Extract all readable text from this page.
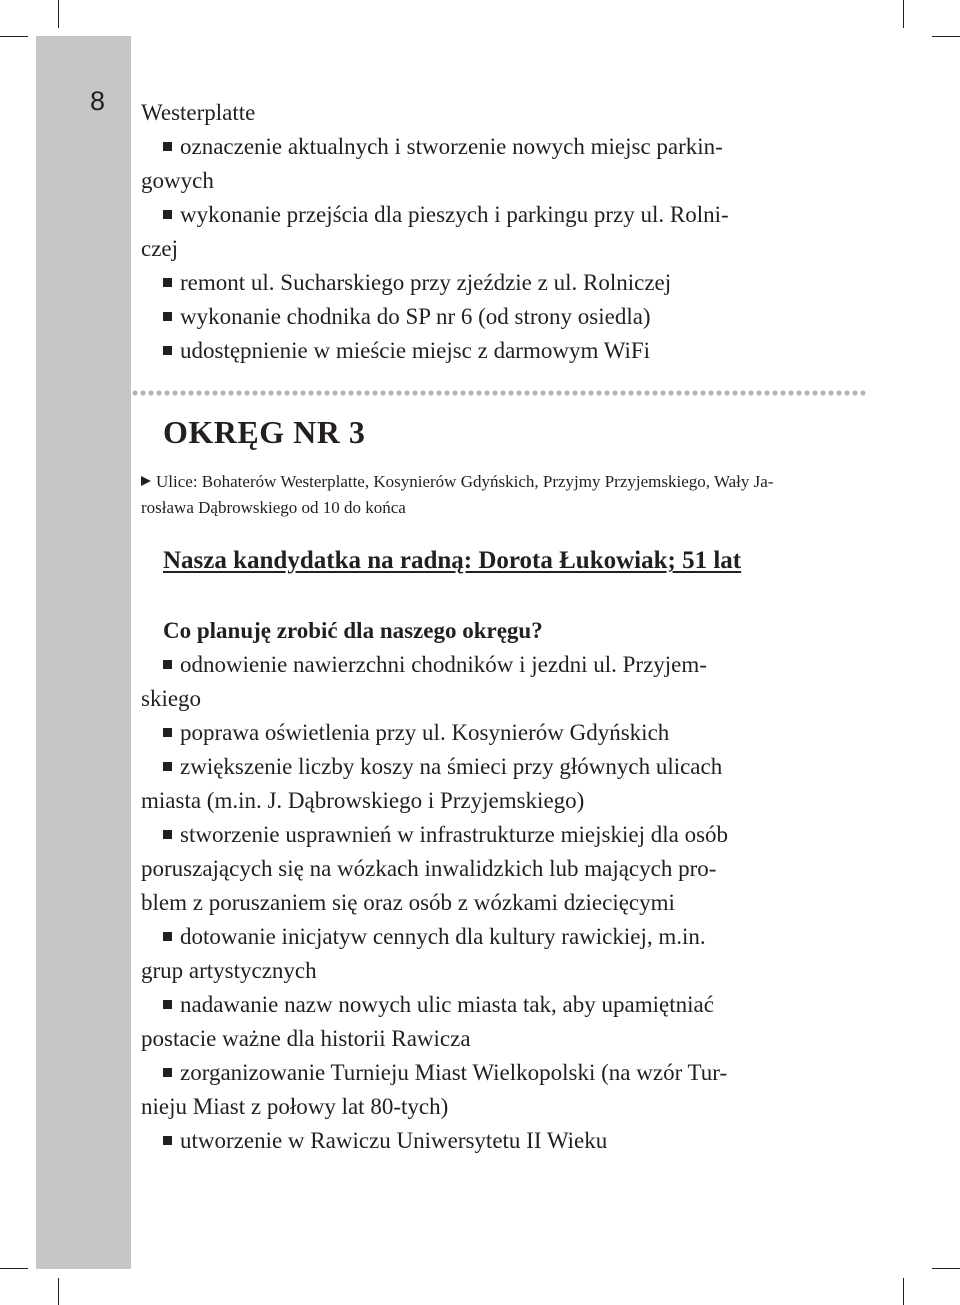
8 Westerplatte
oznaczenie aktualnych i stworzenie nowych miejsc parkin-
gowych
wykonanie przejścia dla pieszych i parkingu przy ul. Rolni-
czej
remont ul. Sucharskiego przy zjeździe z ul. Rolniczej
wykonanie chodnika do SP nr 6 (od strony osiedla)
udostępnienie w mieście miejsc z darmowym WiFi
OKRĘG NR 3
Ulice: Bohaterów Westerplatte, Kosynierów Gdyńskich, Przyjmy Przyjemskiego, Wały Ja-
rosława Dąbrowskiego od 10 do końca
Nasza kandydatka na radną: Dorota Łukowiak; 51 lat
Co planuję zrobić dla naszego okręgu?
odnowienie nawierzchni chodników i jezdni ul. Przyjem-
skiego
poprawa oświetlenia przy ul. Kosynierów Gdyńskich
zwiększenie liczby koszy na śmieci przy głównych ulicach
miasta (m.in. J. Dąbrowskiego i Przyjemskiego)
stworzenie usprawnień w infrastrukturze miejskiej dla osób
poruszających się na wózkach inwalidzkich lub mających pro-
blem z poruszaniem się oraz osób z wózkami dziecięcymi
dotowanie inicjatyw cennych dla kultury rawickiej, m.in.
grup artystycznych
nadawanie nazw nowych ulic miasta tak, aby upamiętniać
postacie ważne dla historii Rawicza
zorganizowanie Turnieju Miast Wielkopolski (na wzór Tur-
nieju Miast z połowy lat 80-tych)
utworzenie w Rawiczu Uniwersytetu II Wieku
